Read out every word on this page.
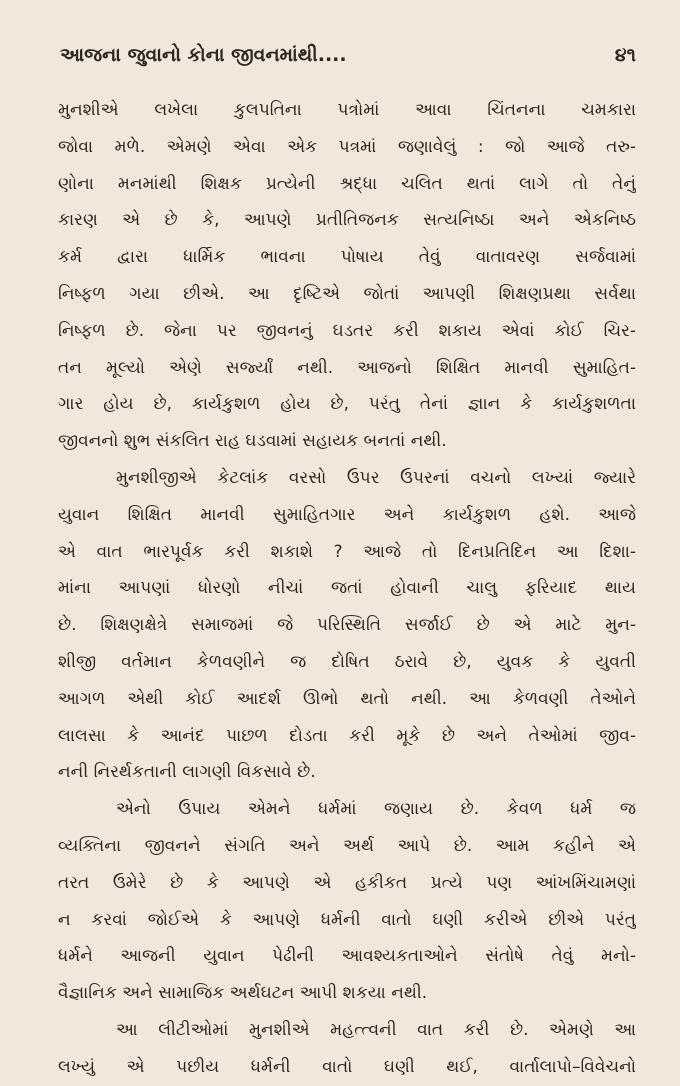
આજના જુવાનો કોના જીવનમાંથી....	૪૧
મુનશીએ લખેલા કુલપતિના પત્રોમાં આવા ચિંતનના ચમકારા
જોવા મળે. એમણે એવા એક પત્રમાં જણાવેલું : જો આજે તરુ-
ણોના મનમાંથી શિક્ષક પ્રત્યેની શ્રદ્ધા ચલિત થતાં લાગે તો તેનું
કારણ એ છે કે, આપણે પ્રતીતિજનક સત્યનિષ્ઠા અને એકનિષ્ઠ
કર્મ દ્વારા ધાર્મિક ભાવના પોષાય તેવું વાતાવરણ સર્જવામાં
નિષ્ફળ ગયા છીએ. આ દૃષ્ટિએ જોતાં આપણી શિક્ષણપ્રથા સર્વથા
નિષ્ફળ છે. જેના પર જીવનનું ઘડતર કરી શકાય એવાં કોઈ ચિર-
તન મૂલ્યો એણે સર્જ્યાં નથી. આજનો શિક્ષિત માનવી સુમાહિત-
ગાર હોય છે, કાર્યકુશળ હોય છે, પરંતુ તેનાં જ્ઞાન કે કાર્યકુશળતા
જીવનનો શુભ સંકલિત રાહ ઘડવામાં સહાયક બનતાં નથી.
મુનશીજીએ કેટલાંક વરસો ઉપર ઉપરનાં વચનો લખ્યાં જ્યારે
યુવાન શિક્ષિત માનવી સુમાહિતગાર અને કાર્યકુશળ હશે. આજે
એ વાત ભારપૂર્વક કરી શકાશે ? આજે તો દિનપ્રતિદિન આ દિશા-
માંના આપણાં ધોરણો નીચાં જતાં હોવાની ચાલુ ફરિયાદ થાય
છે. શિક્ષણક્ષેત્રે સમાજમાં જે પરિસ્થિતિ સર્જાઈ છે એ માટે મુન-
શીજી વર્તમાન કેળવણીને જ દોષિત ઠરાવે છે, યુવક કે યુવતી
આગળ એથી કોઈ આદર્શ ઊભો થતો નથી. આ કેળવણી તેઓને
લાલસા કે આનંદ પાછળ દોડતા કરી મૂકે છે અને તેઓમાં જીવ-
નની નિરર્થકતાની લાગણી વિકસાવે છે.
એનો ઉપાય એમને ધર્મમાં જણાય છે. કેવળ ધર્મ જ
વ્યક્તિના જીવનને સંગતિ અને અર્થ આપે છે. આમ કહીને એ
તરત ઉમેરે છે કે આપણે એ હકીકત પ્રત્યે પણ આંખમિંચામણાં
ન કરવાં જોઈએ કે આપણે ધર્મની વાતો ઘણી કરીએ છીએ પરંતુ
ધર્મને આજની યુવાન પેઢીની આવશ્યકતાઓને સંતોષે તેવું મનો-
વૈજ્ઞાનિક અને સામાજિક અર્થઘટન આપી શકયા નથી.
આ લીટીઓમાં મુનશીએ મહત્ત્વની વાત કરી છે. એમણે આ
લખ્યું એ પછીય ધર્મની વાતો ઘણી થઈ, વાર્તાલાપો–વિવેચનો
